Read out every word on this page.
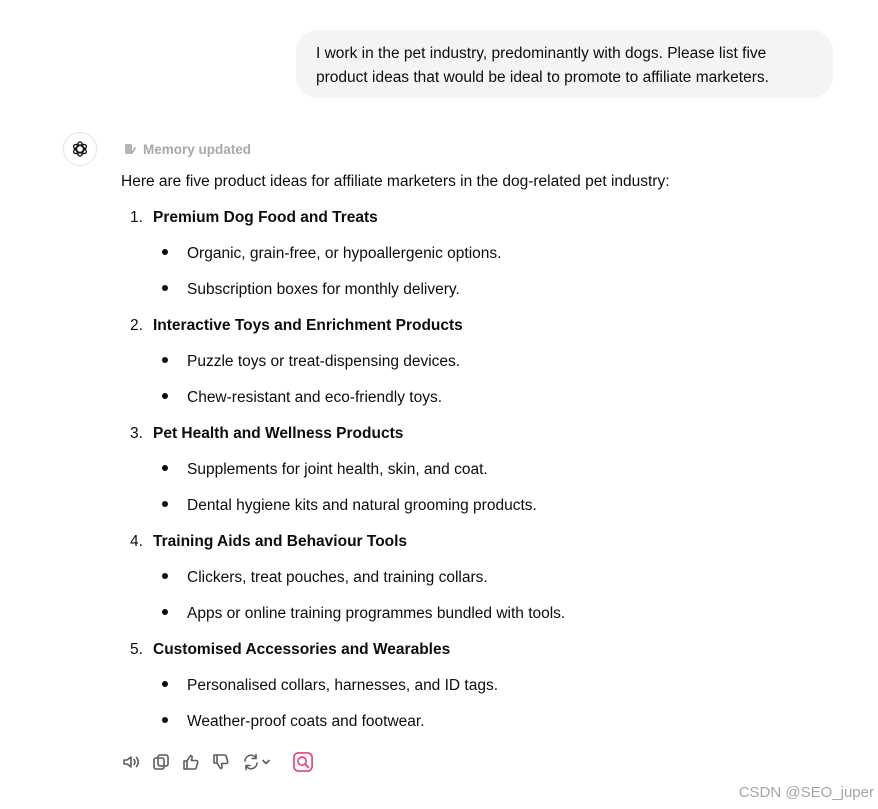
I work in the pet industry, predominantly with dogs. Please list five product ideas that would be ideal to promote to affiliate marketers.
Memory updated
Here are five product ideas for affiliate marketers in the dog-related pet industry:
1. Premium Dog Food and Treats
Organic, grain-free, or hypoallergenic options.
Subscription boxes for monthly delivery.
2. Interactive Toys and Enrichment Products
Puzzle toys or treat-dispensing devices.
Chew-resistant and eco-friendly toys.
3. Pet Health and Wellness Products
Supplements for joint health, skin, and coat.
Dental hygiene kits and natural grooming products.
4. Training Aids and Behaviour Tools
Clickers, treat pouches, and training collars.
Apps or online training programmes bundled with tools.
5. Customised Accessories and Wearables
Personalised collars, harnesses, and ID tags.
Weather-proof coats and footwear.
CSDN @SEO_juper
